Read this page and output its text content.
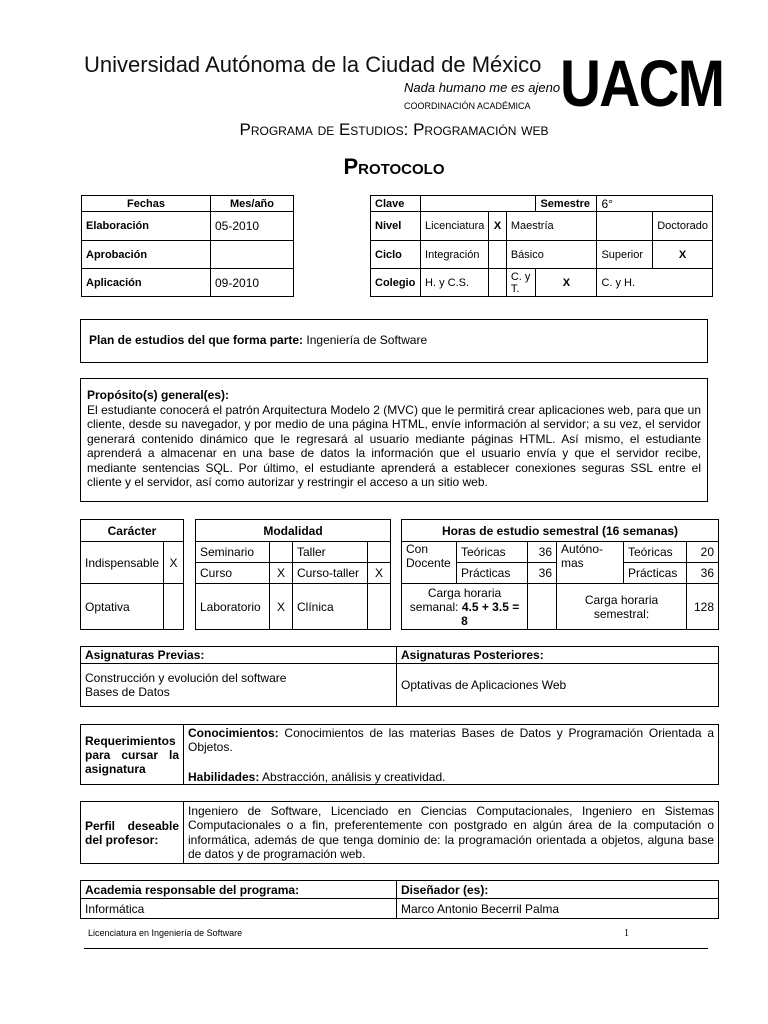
Universidad Autónoma de la Ciudad de México
Nada humano me es ajeno
COORDINACIÓN ACADÉMICA UACM
Programa de Estudios: Programación web
Protocolo
Fechas	Mes/año
Elaboración	05-2010
Aprobación	
Aplicación	09-2010
Clave				Semestre	6°	
Nivel	Licenciatura	X	Maestría			Doctorado
Ciclo	Integración		Básico		Superior	X
Colegio	H. y C.S.		C. y T.	X	C. y H.	
Plan de estudios del que forma parte: Ingeniería de Software
Propósito(s) general(es):
El estudiante conocerá el patrón Arquitectura Modelo 2 (MVC) que le permitirá crear aplicaciones web, para que un cliente, desde su navegador, y por medio de una página HTML, envíe información al servidor; a su vez, el servidor generará contenido dinámico que le regresará al usuario mediante páginas HTML. Así mismo, el estudiante aprenderá a almacenar en una base de datos la información que el usuario envía y que el servidor recibe, mediante sentencias SQL. Por último, el estudiante aprenderá a establecer conexiones seguras SSL entre el cliente y el servidor, así como autorizar y restringir el acceso a un sitio web.
Carácter	
Indispensable	X
Optativa	
Modalidad			
Seminario		Taller	
Curso	X	Curso-taller	X
Laboratorio	X	Clínica	
Horas de estudio semestral (16 semanas)					
Con Docente	Teóricas	36	Autóno-mas	Teóricas	20
	Prácticas	36		Prácticas	36
Carga horaria semanal: 4.5 + 3.5 = 8			Carga horaria semestral:		128
Asignaturas Previas:	Asignaturas Posteriores:

Construcción y evolución del software
Bases de Datos	Optativas de Aplicaciones Web
Requerimientos para cursar la asignatura	
Conocimientos: Conocimientos de las materias Bases de Datos y Programación Orientada a Objetos.
Habilidades: Abstracción, análisis y creatividad.
Perfil deseable del profesor:	Ingeniero de Software, Licenciado en Ciencias Computacionales, Ingeniero en Sistemas Computacionales o a fin, preferentemente con postgrado en algún área de la computación o informática, además de que tenga dominio de: la programación orientada a objetos, alguna base de datos y de programación web.
Academia responsable del programa:	Diseñador (es):
Informática	Marco Antonio Becerril Palma
Licenciatura en Ingeniería de Software	1
